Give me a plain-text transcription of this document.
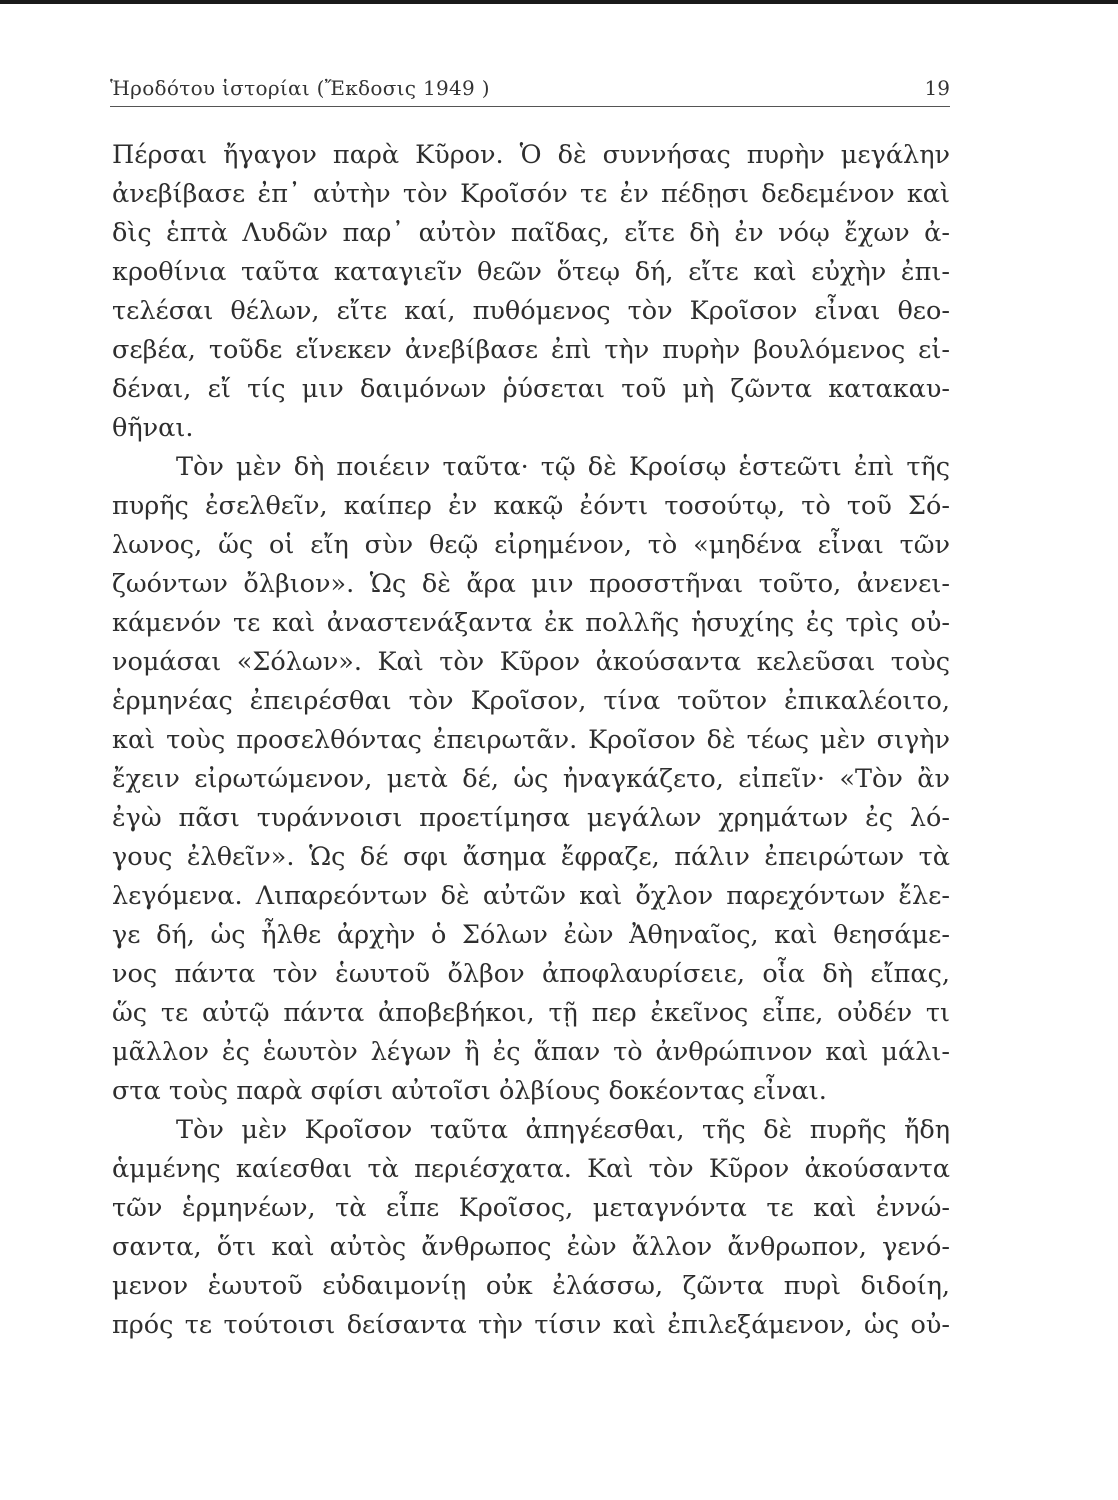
Ἡροδότου ἱστορίαι (Ἔκδοσις 1949 )	19
Πέρσαι ἤγαγον παρὰ Κῦρον. Ὁ δὲ συννήσας πυρὴν μεγάλην
ἀνεβίβασε ἐπ᾽ αὐτὴν τὸν Κροῖσόν τε ἐν πέδῃσι δεδεμένον καὶ
δὶς ἑπτὰ Λυδῶν παρ᾽ αὐτὸν παῖδας, εἴτε δὴ ἐν νόῳ ἔχων ἀ-
κροθίνια ταῦτα καταγιεῖν θεῶν ὅτεῳ δή, εἴτε καὶ εὐχὴν ἐπι-
τελέσαι θέλων, εἴτε καί, πυθόμενος τὸν Κροῖσον εἶναι θεο-
σεβέα, τοῦδε εἵνεκεν ἀνεβίβασε ἐπὶ τὴν πυρὴν βουλόμενος εἰ-
δέναι, εἴ τίς μιν δαιμόνων ῥύσεται τοῦ μὴ ζῶντα κατακαυ-
θῆναι.
Τὸν μὲν δὴ ποιέειν ταῦτα· τῷ δὲ Κροίσῳ ἑστεῶτι ἐπὶ τῆς
πυρῆς ἐσελθεῖν, καίπερ ἐν κακῷ ἐόντι τοσούτῳ, τὸ τοῦ Σό-
λωνος, ὥς οἱ εἴη σὺν θεῷ εἰρημένον, τὸ «μηδένα εἶναι τῶν
ζωόντων ὄλβιον». Ὡς δὲ ἄρα μιν προσστῆναι τοῦτο, ἀνενει-
κάμενόν τε καὶ ἀναστενάξαντα ἐκ πολλῆς ἡσυχίης ἐς τρὶς οὐ-
νομάσαι «Σόλων». Καὶ τὸν Κῦρον ἀκούσαντα κελεῦσαι τοὺς
ἑρμηνέας ἐπειρέσθαι τὸν Κροῖσον, τίνα τοῦτον ἐπικαλέοιτο,
καὶ τοὺς προσελθόντας ἐπειρωτᾶν. Κροῖσον δὲ τέως μὲν σιγὴν
ἔχειν εἰρωτώμενον, μετὰ δέ, ὡς ἠναγκάζετο, εἰπεῖν· «Τὸν ἂν
ἐγὼ πᾶσι τυράννοισι προετίμησα μεγάλων χρημάτων ἐς λό-
γους ἐλθεῖν». Ὡς δέ σφι ἄσημα ἔφραζε, πάλιν ἐπειρώτων τὰ
λεγόμενα. Λιπαρεόντων δὲ αὐτῶν καὶ ὄχλον παρεχόντων ἔλε-
γε δή, ὡς ἦλθε ἀρχὴν ὁ Σόλων ἐὼν Ἀθηναῖος, καὶ θεησάμε-
νος πάντα τὸν ἑωυτοῦ ὄλβον ἀποφλαυρίσειε, οἷα δὴ εἴπας,
ὥς τε αὐτῷ πάντα ἀποβεβήκοι, τῇ περ ἐκεῖνος εἶπε, οὐδέν τι
μᾶλλον ἐς ἑωυτὸν λέγων ἢ ἐς ἅπαν τὸ ἀνθρώπινον καὶ μάλι-
στα τοὺς παρὰ σφίσι αὐτοῖσι ὀλβίους δοκέοντας εἶναι.
Τὸν μὲν Κροῖσον ταῦτα ἀπηγέεσθαι, τῆς δὲ πυρῆς ἤδη
ἁμμένης καίεσθαι τὰ περιέσχατα. Καὶ τὸν Κῦρον ἀκούσαντα
τῶν ἑρμηνέων, τὰ εἶπε Κροῖσος, μεταγνόντα τε καὶ ἐννώ-
σαντα, ὅτι καὶ αὐτὸς ἄνθρωπος ἐὼν ἄλλον ἄνθρωπον, γενό-
μενον ἑωυτοῦ εὐδαιμονίῃ οὐκ ἐλάσσω, ζῶντα πυρὶ διδοίη,
πρός τε τούτοισι δείσαντα τὴν τίσιν καὶ ἐπιλεξάμενον, ὡς οὐ-
